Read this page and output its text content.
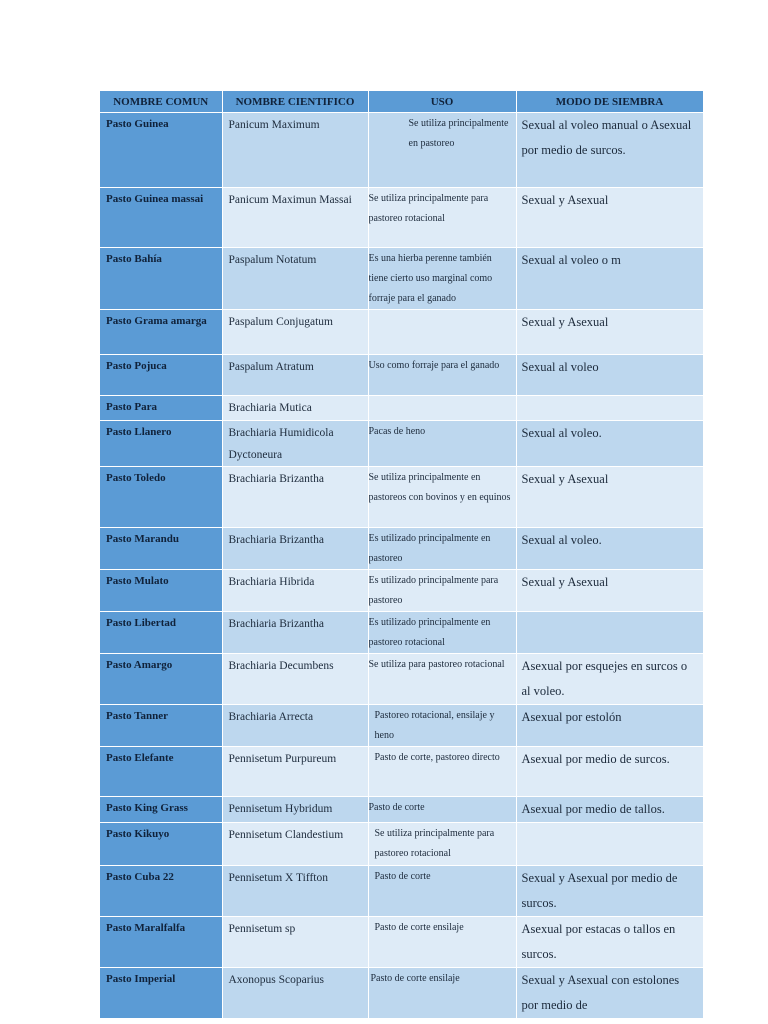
NOMBRE COMUN	NOMBRE CIENTIFICO	USO	MODO DE SIEMBRA
Pasto Guinea	Panicum Maximum	Se utiliza principalmente en pastoreo	Sexual al voleo manual o Asexual por medio de surcos.
Pasto Guinea massai	Panicum Maximun Massai	Se utiliza principalmente para pastoreo rotacional	Sexual y Asexual
Pasto Bahía	Paspalum Notatum	Es una hierba perenne también tiene cierto uso marginal como forraje para el ganado	Sexual al voleo o m
Pasto Grama amarga	Paspalum Conjugatum		Sexual y Asexual
Pasto Pojuca	Paspalum Atratum	Uso como forraje para el ganado	Sexual al voleo
Pasto Para	Brachiaria Mutica		
Pasto Llanero	Brachiaria Humidicola Dyctoneura	Pacas de heno	Sexual al voleo.
Pasto Toledo	Brachiaria Brizantha	Se utiliza principalmente en pastoreos con bovinos y en equinos	Sexual y Asexual
Pasto Marandu	Brachiaria Brizantha	Es utilizado principalmente en pastoreo	Sexual al voleo.
Pasto Mulato	Brachiaria Hibrida	Es utilizado principalmente para pastoreo	Sexual y Asexual
Pasto Libertad	Brachiaria Brizantha	Es utilizado principalmente en pastoreo rotacional	
Pasto Amargo	Brachiaria Decumbens	Se utiliza para pastoreo rotacional	Asexual por esquejes en surcos o al voleo.
Pasto Tanner	Brachiaria Arrecta	Pastoreo rotacional, ensilaje y heno	Asexual por estolón
Pasto Elefante	Pennisetum Purpureum	Pasto de corte, pastoreo directo	Asexual por medio de surcos.
Pasto King Grass	Pennisetum Hybridum	Pasto de corte	Asexual por medio de tallos.
Pasto Kikuyo	Pennisetum Clandestium	Se utiliza principalmente para pastoreo rotacional	
Pasto Cuba 22	Pennisetum X Tiffton	Pasto de corte	Sexual y Asexual por medio de surcos.
Pasto Maralfalfa	Pennisetum sp	Pasto de corte ensilaje	Asexual por estacas o tallos en surcos.
Pasto Imperial	Axonopus Scoparius	Pasto de corte ensilaje	Sexual y Asexual con estolones por medio de
